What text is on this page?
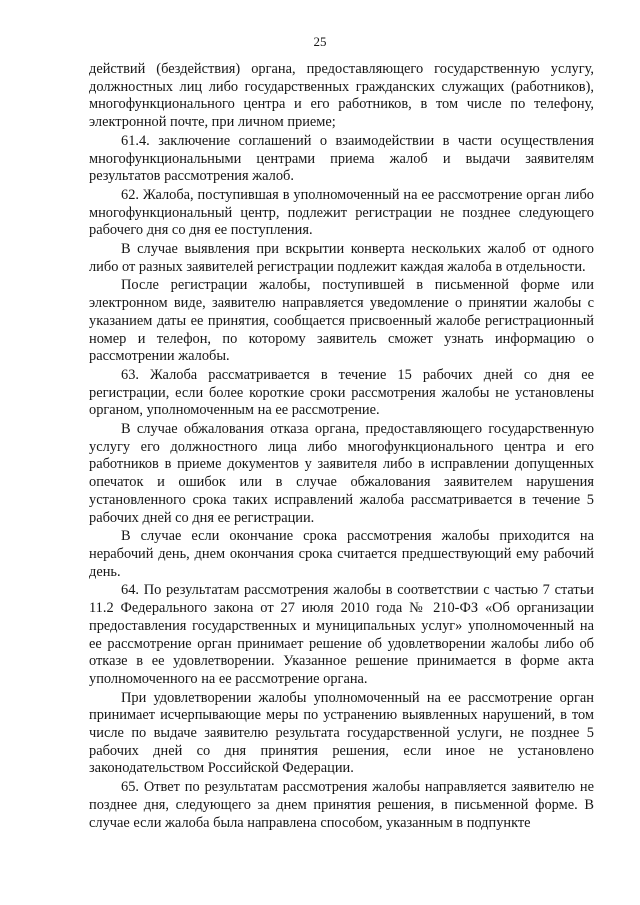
25

действий (бездействия) органа, предоставляющего государственную услугу, должностных лиц либо государственных гражданских служащих (работников), многофункционального центра и его работников, в том числе по телефону, электронной почте, при личном приеме;

61.4. заключение соглашений о взаимодействии в части осуществления многофункциональными центрами приема жалоб и выдачи заявителям результатов рассмотрения жалоб.

62. Жалоба, поступившая в уполномоченный на ее рассмотрение орган либо многофункциональный центр, подлежит регистрации не позднее следующего рабочего дня со дня ее поступления.

В случае выявления при вскрытии конверта нескольких жалоб от одного либо от разных заявителей регистрации подлежит каждая жалоба в отдельности.

После регистрации жалобы, поступившей в письменной форме или электронном виде, заявителю направляется уведомление о принятии жалобы с указанием даты ее принятия, сообщается присвоенный жалобе регистрационный номер и телефон, по которому заявитель сможет узнать информацию о рассмотрении жалобы.

63. Жалоба рассматривается в течение 15 рабочих дней со дня ее регистрации, если более короткие сроки рассмотрения жалобы не установлены органом, уполномоченным на ее рассмотрение.

В случае обжалования отказа органа, предоставляющего государственную услугу его должностного лица либо многофункционального центра и его работников в приеме документов у заявителя либо в исправлении допущенных опечаток и ошибок или в случае обжалования заявителем нарушения установленного срока таких исправлений жалоба рассматривается в течение 5 рабочих дней со дня ее регистрации.

В случае если окончание срока рассмотрения жалобы приходится на нерабочий день, днем окончания срока считается предшествующий ему рабочий день.

64. По результатам рассмотрения жалобы в соответствии с частью 7 статьи 11.2 Федерального закона от 27 июля 2010 года № 210-ФЗ «Об организации предоставления государственных и муниципальных услуг» уполномоченный на ее рассмотрение орган принимает решение об удовлетворении жалобы либо об отказе в ее удовлетворении. Указанное решение принимается в форме акта уполномоченного на ее рассмотрение органа.

При удовлетворении жалобы уполномоченный на ее рассмотрение орган принимает исчерпывающие меры по устранению выявленных нарушений, в том числе по выдаче заявителю результата государственной услуги, не позднее 5 рабочих дней со дня принятия решения, если иное не установлено законодательством Российской Федерации.

65. Ответ по результатам рассмотрения жалобы направляется заявителю не позднее дня, следующего за днем принятия решения, в письменной форме. В случае если жалоба была направлена способом, указанным в подпункте
